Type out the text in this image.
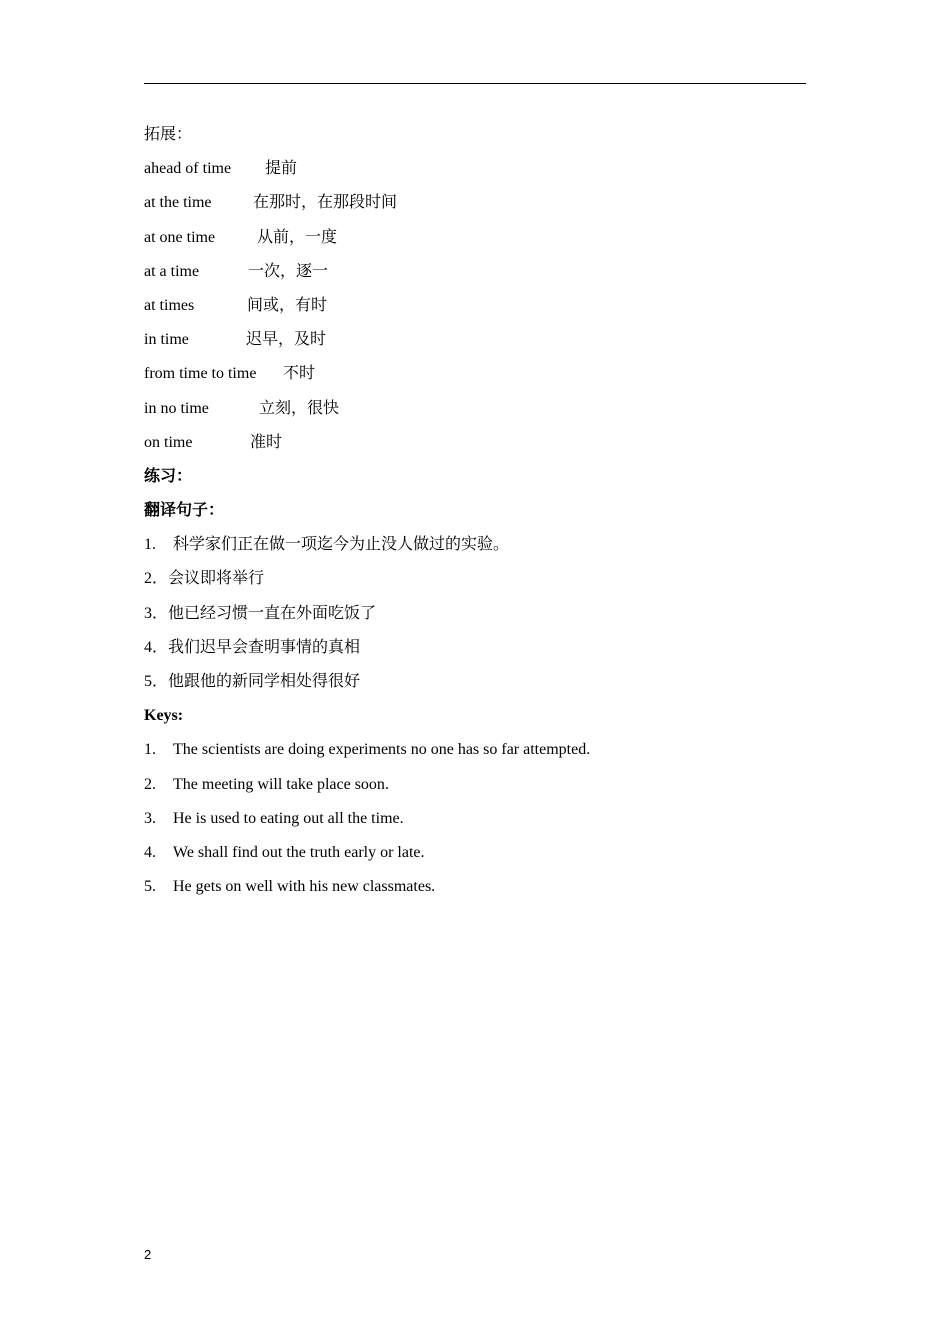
拓展：
ahead of time 提前
at the time	在那时，在那段时间
at one time	从前，一度
at a time	一次，逐一
at times	间或，有时
in time	迟早，及时
from time to time 不时
in no time	立刻，很快
on time	准时
练习：
翻译句子：
1. 科学家们正在做一项迄今为止没人做过的实验。
2．会议即将举行
3．他已经习惯一直在外面吃饭了
4．我们迟早会查明事情的真相
5．他跟他的新同学相处得很好
Keys:
1. The scientists are doing experiments no one has so far attempted.
2. The meeting will take place soon.
3. He is used to eating out all the time.
4. We shall find out the truth early or late.
5. He gets on well with his new classmates.
2
